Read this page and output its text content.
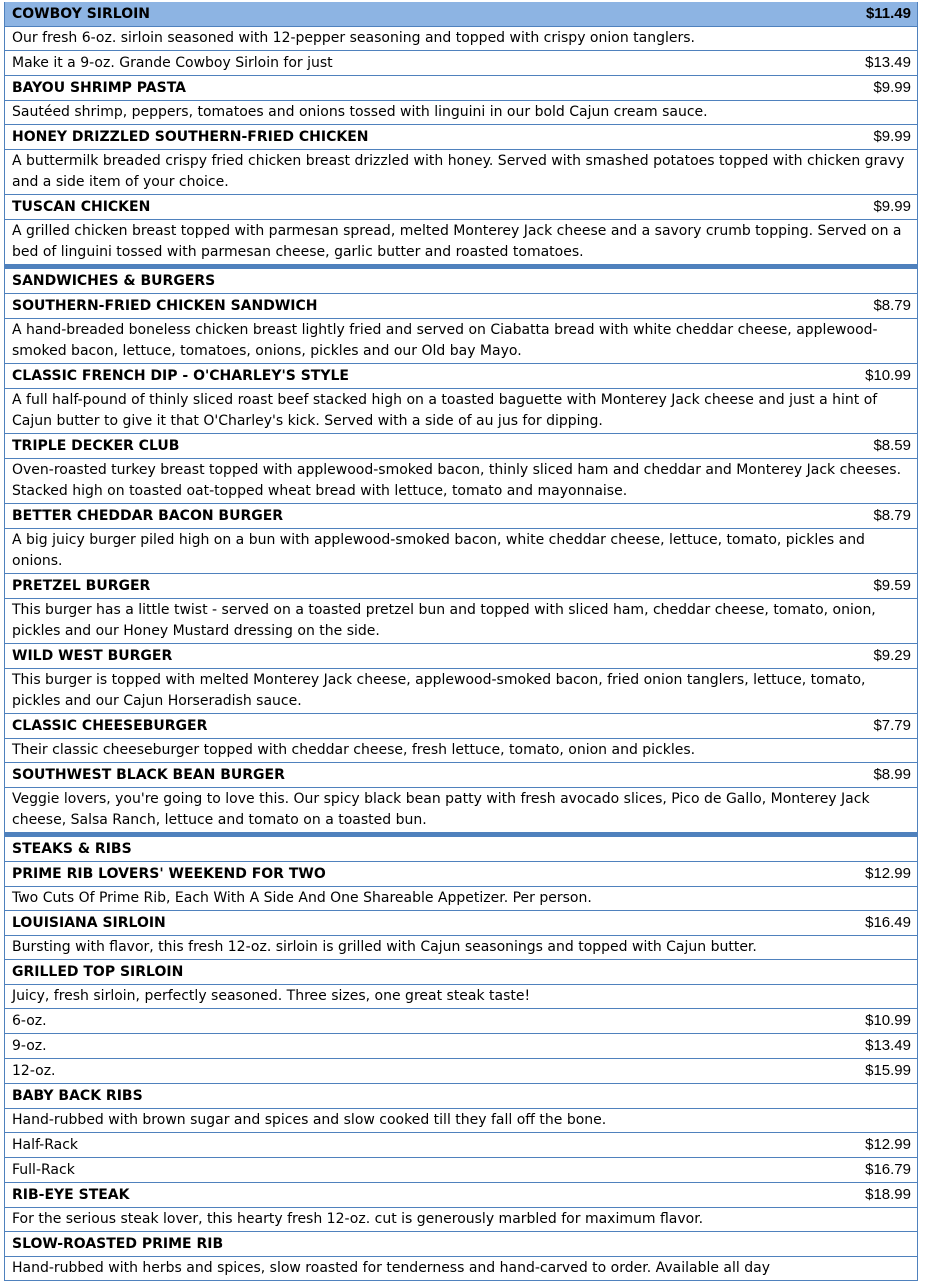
COWBOY SIRLOIN	$11.49
Our fresh 6-oz. sirloin seasoned with 12-pepper seasoning and topped with crispy onion tanglers.
Make it a 9-oz. Grande Cowboy Sirloin for just	$13.49
BAYOU SHRIMP PASTA	$9.99
Sautéed shrimp, peppers, tomatoes and onions tossed with linguini in our bold Cajun cream sauce.
HONEY DRIZZLED SOUTHERN-FRIED CHICKEN	$9.99
A buttermilk breaded crispy fried chicken breast drizzled with honey. Served with smashed potatoes topped with chicken gravy and a side item of your choice.
TUSCAN CHICKEN	$9.99
A grilled chicken breast topped with parmesan spread, melted Monterey Jack cheese and a savory crumb topping. Served on a bed of linguini tossed with parmesan cheese, garlic butter and roasted tomatoes.
SANDWICHES & BURGERS
SOUTHERN-FRIED CHICKEN SANDWICH	$8.79
A hand-breaded boneless chicken breast lightly fried and served on Ciabatta bread with white cheddar cheese, applewood-smoked bacon, lettuce, tomatoes, onions, pickles and our Old bay Mayo.
CLASSIC FRENCH DIP - O'CHARLEY'S STYLE	$10.99
A full half-pound of thinly sliced roast beef stacked high on a toasted baguette with Monterey Jack cheese and just a hint of Cajun butter to give it that O'Charley's kick. Served with a side of au jus for dipping.
TRIPLE DECKER CLUB	$8.59
Oven-roasted turkey breast topped with applewood-smoked bacon, thinly sliced ham and cheddar and Monterey Jack cheeses. Stacked high on toasted oat-topped wheat bread with lettuce, tomato and mayonnaise.
BETTER CHEDDAR BACON BURGER	$8.79
A big juicy burger piled high on a bun with applewood-smoked bacon, white cheddar cheese, lettuce, tomato, pickles and onions.
PRETZEL BURGER	$9.59
This burger has a little twist - served on a toasted pretzel bun and topped with sliced ham, cheddar cheese, tomato, onion, pickles and our Honey Mustard dressing on the side.
WILD WEST BURGER	$9.29
This burger is topped with melted Monterey Jack cheese, applewood-smoked bacon, fried onion tanglers, lettuce, tomato, pickles and our Cajun Horseradish sauce.
CLASSIC CHEESEBURGER	$7.79
Their classic cheeseburger topped with cheddar cheese, fresh lettuce, tomato, onion and pickles.
SOUTHWEST BLACK BEAN BURGER	$8.99
Veggie lovers, you're going to love this. Our spicy black bean patty with fresh avocado slices, Pico de Gallo, Monterey Jack cheese, Salsa Ranch, lettuce and tomato on a toasted bun.
STEAKS & RIBS
PRIME RIB LOVERS' WEEKEND FOR TWO	$12.99
Two Cuts Of Prime Rib, Each With A Side And One Shareable Appetizer. Per person.
LOUISIANA SIRLOIN	$16.49
Bursting with flavor, this fresh 12-oz. sirloin is grilled with Cajun seasonings and topped with Cajun butter.
GRILLED TOP SIRLOIN
Juicy, fresh sirloin, perfectly seasoned. Three sizes, one great steak taste!
6-oz.	$10.99
9-oz.	$13.49
12-oz.	$15.99
BABY BACK RIBS
Hand-rubbed with brown sugar and spices and slow cooked till they fall off the bone.
Half-Rack	$12.99
Full-Rack	$16.79
RIB-EYE STEAK	$18.99
For the serious steak lover, this hearty fresh 12-oz. cut is generously marbled for maximum flavor.
SLOW-ROASTED PRIME RIB
Hand-rubbed with herbs and spices, slow roasted for tenderness and hand-carved to order. Available all day
